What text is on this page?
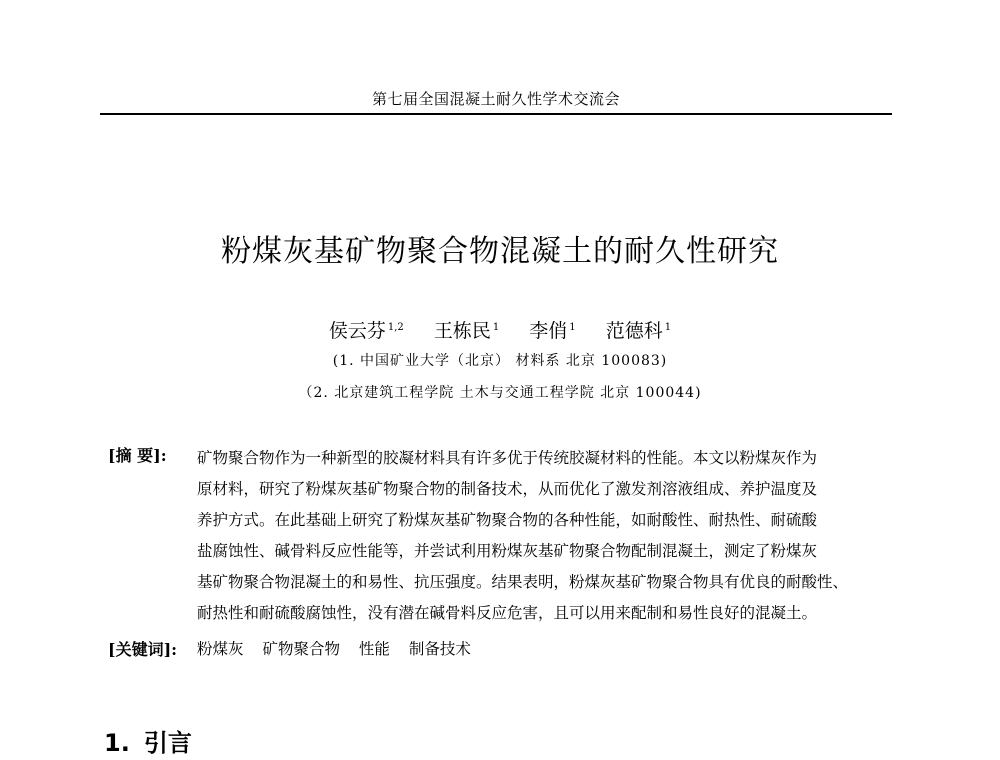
第七届全国混凝土耐久性学术交流会
粉煤灰基矿物聚合物混凝土的耐久性研究
侯云芬 $^{1,2}$ 王栋民 $^1$ 李俏 $^1$ 范德科 $^1$
(1. 中国矿业大学（北京） 材料系 北京 100083)
（2. 北京建筑工程学院 土木与交通工程学院 北京 100044)
[摘 要]: 矿物聚合物作为一种新型的胶凝材料具有许多优于传统胶凝材料的性能。本文以粉煤灰作为
原材料，研究了粉煤灰基矿物聚合物的制备技术，从而优化了激发剂溶液组成、养护温度及
养护方式。在此基础上研究了粉煤灰基矿物聚合物的各种性能，如耐酸性、耐热性、耐硫酸
盐腐蚀性、碱骨料反应性能等，并尝试利用粉煤灰基矿物聚合物配制混凝土，测定了粉煤灰
基矿物聚合物混凝土的和易性、抗压强度。结果表明，粉煤灰基矿物聚合物具有优良的耐酸性、
耐热性和耐硫酸腐蚀性，没有潜在碱骨料反应危害，且可以用来配制和易性良好的混凝土。
[关键词]: 粉煤灰 矿物聚合物 性能 制备技术
1. 引言
